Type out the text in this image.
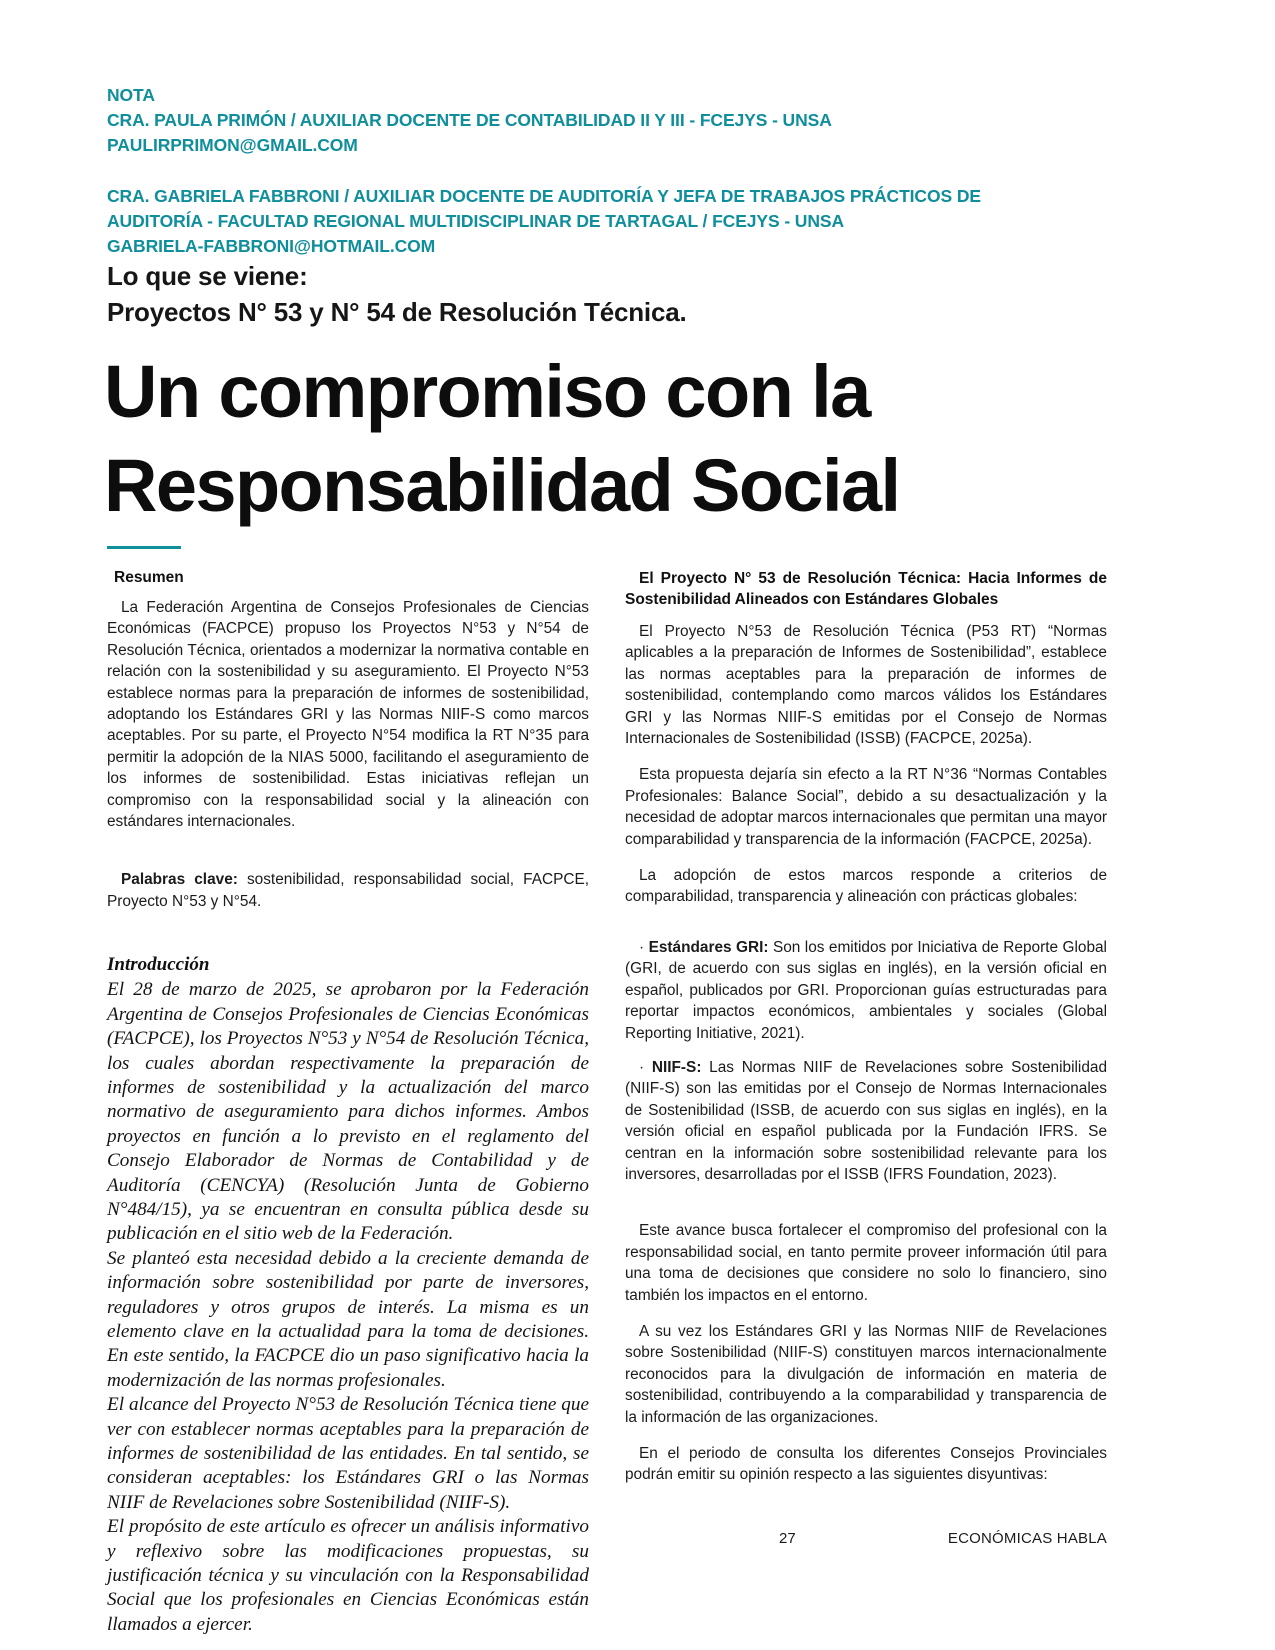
NOTA
CRA. PAULA PRIMÓN / AUXILIAR DOCENTE DE CONTABILIDAD II Y III - FCEJYS - UNSA
PAULIRPRIMON@GMAIL.COM
CRA. GABRIELA FABBRONI / AUXILIAR DOCENTE DE AUDITORÍA Y JEFA DE TRABAJOS PRÁCTICOS DE
AUDITORÍA - FACULTAD REGIONAL MULTIDISCIPLINAR DE TARTAGAL / FCEJYS - UNSA
GABRIELA-FABBRONI@HOTMAIL.COM
Lo que se viene:
Proyectos N° 53 y N° 54 de Resolución Técnica.
Un compromiso con la
Responsabilidad Social
Resumen

La Federación Argentina de Consejos Profesionales de Ciencias Económicas (FACPCE) propuso los Proyectos N°53 y N°54 de Resolución Técnica, orientados a modernizar la normativa contable en relación con la sostenibilidad y su aseguramiento. El Proyecto N°53 establece normas para la preparación de informes de sostenibilidad, adoptando los Estándares GRI y las Normas NIIF-S como marcos aceptables. Por su parte, el Proyecto N°54 modifica la RT N°35 para permitir la adopción de la NIAS 5000, facilitando el aseguramiento de los informes de sostenibilidad. Estas iniciativas reflejan un compromiso con la responsabilidad social y la alineación con estándares internacionales.

Palabras clave: sostenibilidad, responsabilidad social, FACPCE, Proyecto N°53 y N°54.

Introducción

El 28 de marzo de 2025, se aprobaron por la Federación Argentina de Consejos Profesionales de Ciencias Económicas (FACPCE), los Proyectos N°53 y N°54 de Resolución Técnica, los cuales abordan respectivamente la preparación de informes de sostenibilidad y la actualización del marco normativo de aseguramiento para dichos informes. Ambos proyectos en función a lo previsto en el reglamento del Consejo Elaborador de Normas de Contabilidad y de Auditoría (CENCYA) (Resolución Junta de Gobierno N°484/15), ya se encuentran en consulta pública desde su publicación en el sitio web de la Federación.

Se planteó esta necesidad debido a la creciente demanda de información sobre sostenibilidad por parte de inversores, reguladores y otros grupos de interés. La misma es un elemento clave en la actualidad para la toma de decisiones. En este sentido, la FACPCE dio un paso significativo hacia la modernización de las normas profesionales.

El alcance del Proyecto N°53 de Resolución Técnica tiene que ver con establecer normas aceptables para la preparación de informes de sostenibilidad de las entidades. En tal sentido, se consideran aceptables: los Estándares GRI o las Normas NIIF de Revelaciones sobre Sostenibilidad (NIIF-S).

El propósito de este artículo es ofrecer un análisis informativo y reflexivo sobre las modificaciones propuestas, su justificación técnica y su vinculación con la Responsabilidad Social que los profesionales en Ciencias Económicas están llamados a ejercer.

El Proyecto N° 53 de Resolución Técnica: Hacia Informes de Sostenibilidad Alineados con Estándares Globales

El Proyecto N°53 de Resolución Técnica (P53 RT) “Normas aplicables a la preparación de Informes de Sostenibilidad”, establece las normas aceptables para la preparación de informes de sostenibilidad, contemplando como marcos válidos los Estándares GRI y las Normas NIIF-S emitidas por el Consejo de Normas Internacionales de Sostenibilidad (ISSB) (FACPCE, 2025a).

Esta propuesta dejaría sin efecto a la RT N°36 “Normas Contables Profesionales: Balance Social”, debido a su desactualización y la necesidad de adoptar marcos internacionales que permitan una mayor comparabilidad y transparencia de la información (FACPCE, 2025a).

La adopción de estos marcos responde a criterios de comparabilidad, transparencia y alineación con prácticas globales:

· Estándares GRI: Son los emitidos por Iniciativa de Reporte Global (GRI, de acuerdo con sus siglas en inglés), en la versión oficial en español, publicados por GRI. Proporcionan guías estructuradas para reportar impactos económicos, ambientales y sociales (Global Reporting Initiative, 2021).

· NIIF-S: Las Normas NIIF de Revelaciones sobre Sostenibilidad (NIIF-S) son las emitidas por el Consejo de Normas Internacionales de Sostenibilidad (ISSB, de acuerdo con sus siglas en inglés), en la versión oficial en español publicada por la Fundación IFRS. Se centran en la información sobre sostenibilidad relevante para los inversores, desarrolladas por el ISSB (IFRS Foundation, 2023).

Este avance busca fortalecer el compromiso del profesional con la responsabilidad social, en tanto permite proveer información útil para una toma de decisiones que considere no solo lo financiero, sino también los impactos en el entorno.

A su vez los Estándares GRI y las Normas NIIF de Revelaciones sobre Sostenibilidad (NIIF-S) constituyen marcos internacionalmente reconocidos para la divulgación de información en materia de sostenibilidad, contribuyendo a la comparabilidad y transparencia de la información de las organizaciones.

En el periodo de consulta los diferentes Consejos Provinciales podrán emitir su opinión respecto a las siguientes disyuntivas:

27	ECONÓMICAS HABLA
